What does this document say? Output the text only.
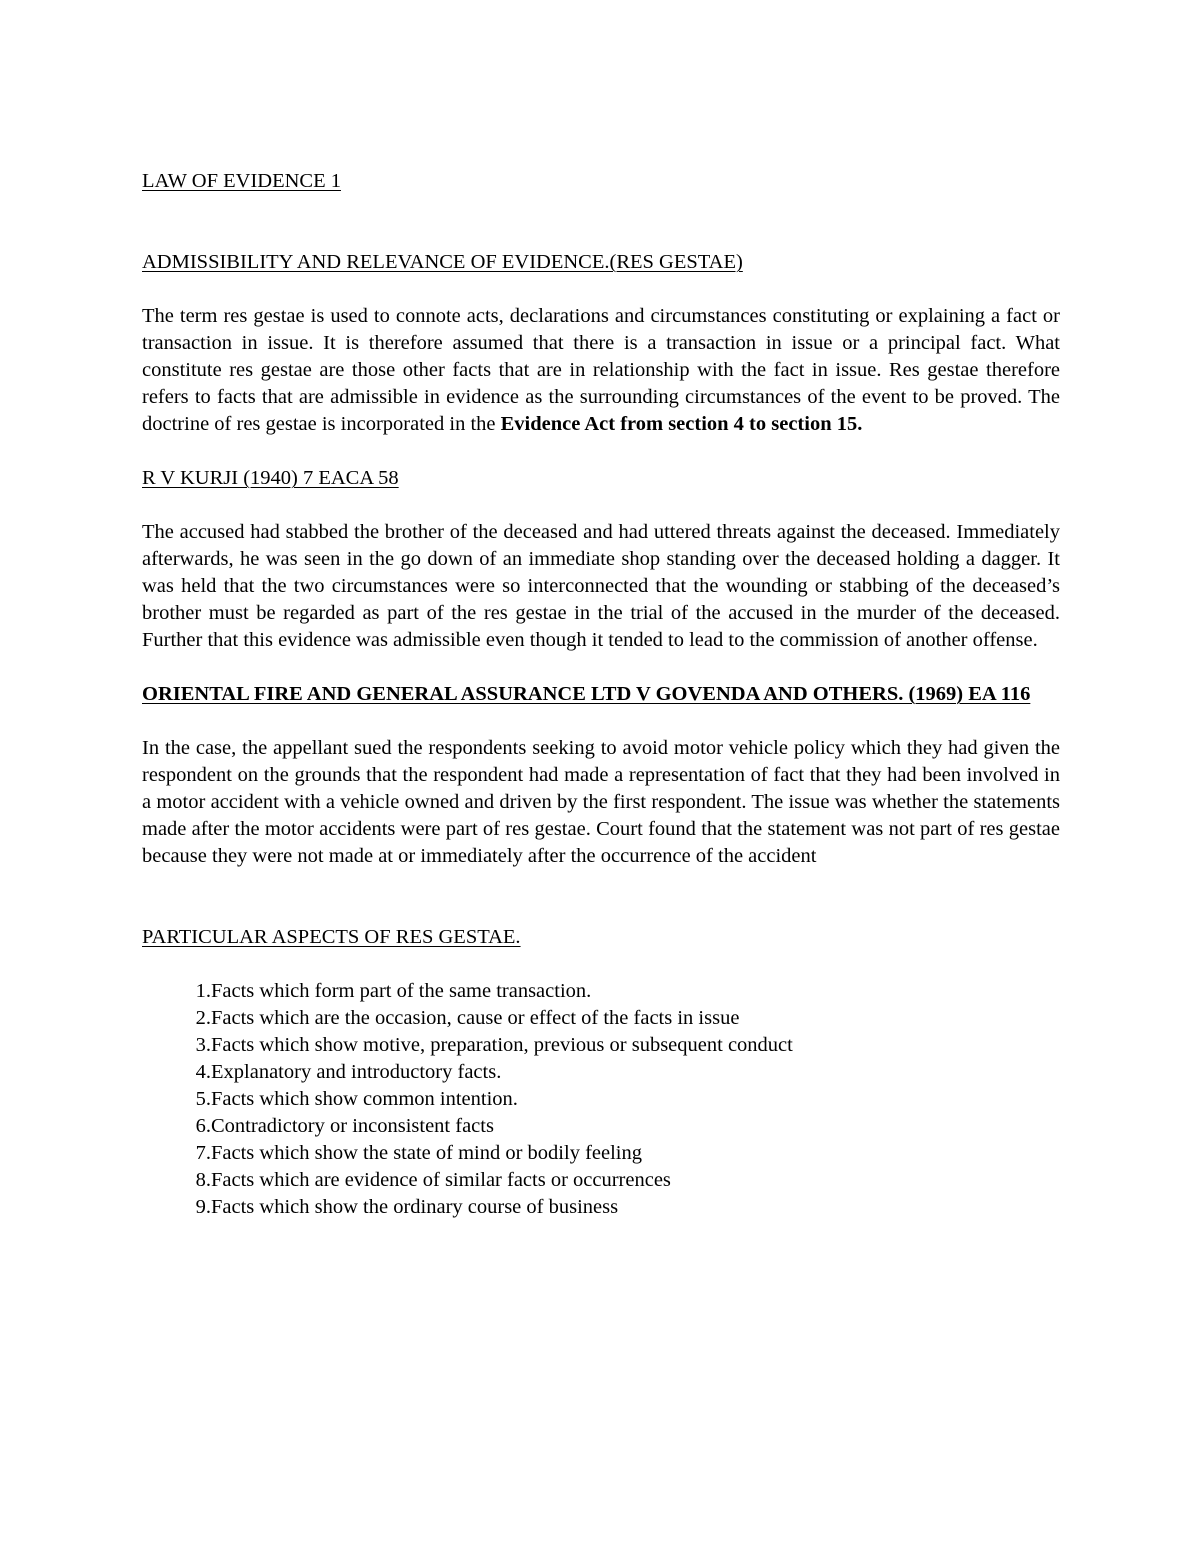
LAW OF EVIDENCE 1

ADMISSIBILITY AND RELEVANCE OF EVIDENCE.(RES GESTAE)

The term res gestae is used to connote acts, declarations and circumstances constituting or explaining a fact or transaction in issue. It is therefore assumed that there is a transaction in issue or a principal fact. What constitute res gestae are those other facts that are in relationship with the fact in issue. Res gestae therefore refers to facts that are admissible in evidence as the surrounding circumstances of the event to be proved. The doctrine of res gestae is incorporated in the Evidence Act from section 4 to section 15.

R V KURJI (1940) 7 EACA 58

The accused had stabbed the brother of the deceased and had uttered threats against the deceased. Immediately afterwards, he was seen in the go down of an immediate shop standing over the deceased holding a dagger. It was held that the two circumstances were so interconnected that the wounding or stabbing of the deceased’s brother must be regarded as part of the res gestae in the trial of the accused in the murder of the deceased. Further that this evidence was admissible even though it tended to lead to the commission of another offense.

ORIENTAL FIRE AND GENERAL ASSURANCE LTD V GOVENDA AND OTHERS. (1969) EA 116

In the case, the appellant sued the respondents seeking to avoid motor vehicle policy which they had given the respondent on the grounds that the respondent had made a representation of fact that they had been involved in a motor accident with a vehicle owned and driven by the first respondent. The issue was whether the statements made after the motor accidents were part of res gestae. Court found that the statement was not part of res gestae because they were not made at or immediately after the occurrence of the accident

PARTICULAR ASPECTS OF RES GESTAE.

1. Facts which form part of the same transaction.
2. Facts which are the occasion, cause or effect of the facts in issue
3. Facts which show motive, preparation, previous or subsequent conduct
4. Explanatory and introductory facts.
5. Facts which show common intention.
6. Contradictory or inconsistent facts
7. Facts which show the state of mind or bodily feeling
8. Facts which are evidence of similar facts or occurrences
9. Facts which show the ordinary course of business
